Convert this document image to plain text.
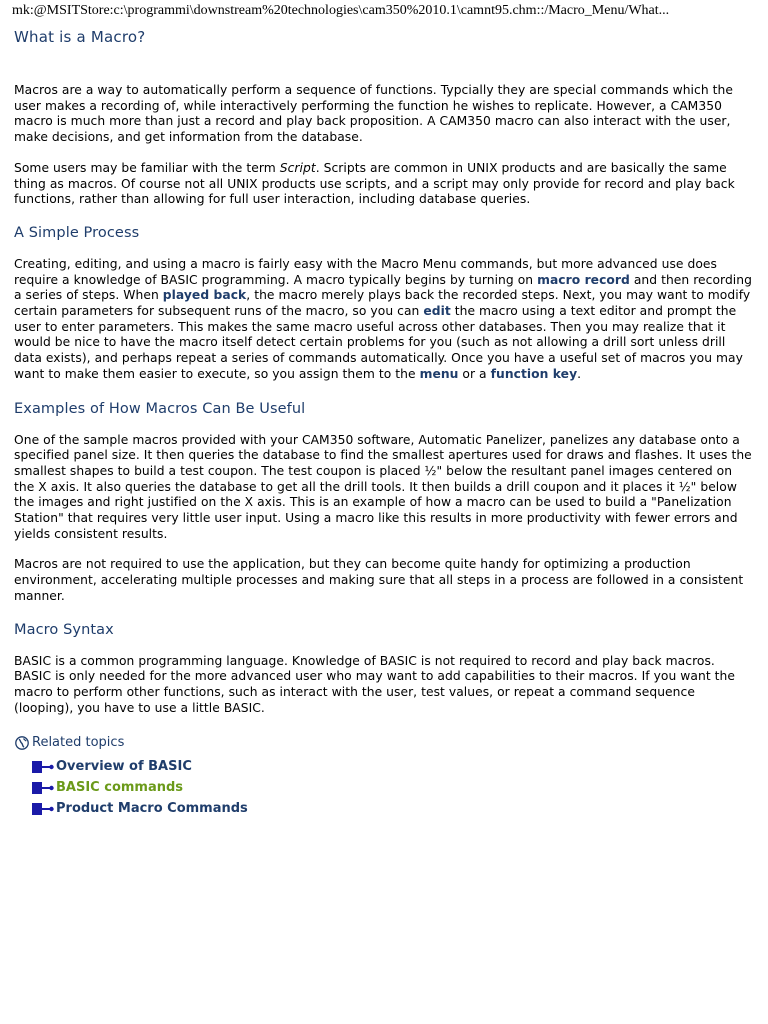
mk:@MSITStore:c:\programmi\downstream%20technologies\cam350%2010.1\camnt95.chm::/Macro_Menu/What...
What is a Macro?

Macros are a way to automatically perform a sequence of functions. Typcially they are special commands which the user makes a recording of, while interactively performing the function he wishes to replicate. However, a CAM350 macro is much more than just a record and play back proposition. A CAM350 macro can also interact with the user, make decisions, and get information from the database.

Some users may be familiar with the term Script. Scripts are common in UNIX products and are basically the same thing as macros. Of course not all UNIX products use scripts, and a script may only provide for record and play back functions, rather than allowing for full user interaction, including database queries.

A Simple Process

Creating, editing, and using a macro is fairly easy with the Macro Menu commands, but more advanced use does require a knowledge of BASIC programming. A macro typically begins by turning on macro record and then recording a series of steps. When played back, the macro merely plays back the recorded steps. Next, you may want to modify certain parameters for subsequent runs of the macro, so you can edit the macro using a text editor and prompt the user to enter parameters. This makes the same macro useful across other databases. Then you may realize that it would be nice to have the macro itself detect certain problems for you (such as not allowing a drill sort unless drill data exists), and perhaps repeat a series of commands automatically. Once you have a useful set of macros you may want to make them easier to execute, so you assign them to the menu or a function key.

Examples of How Macros Can Be Useful

One of the sample macros provided with your CAM350 software, Automatic Panelizer, panelizes any database onto a specified panel size. It then queries the database to find the smallest apertures used for draws and flashes. It uses the smallest shapes to build a test coupon. The test coupon is placed ½" below the resultant panel images centered on the X axis. It also queries the database to get all the drill tools. It then builds a drill coupon and it places it ½" below the images and right justified on the X axis. This is an example of how a macro can be used to build a "Panelization Station" that requires very little user input. Using a macro like this results in more productivity with fewer errors and yields consistent results.

Macros are not required to use the application, but they can become quite handy for optimizing a production environment, accelerating multiple processes and making sure that all steps in a process are followed in a consistent manner.

Macro Syntax

BASIC is a common programming language. Knowledge of BASIC is not required to record and play back macros. BASIC is only needed for the more advanced user who may want to add capabilities to their macros. If you want the macro to perform other functions, such as interact with the user, test values, or repeat a command sequence (looping), you have to use a little BASIC.

Related topics
Overview of BASIC
BASIC commands
Product Macro Commands
